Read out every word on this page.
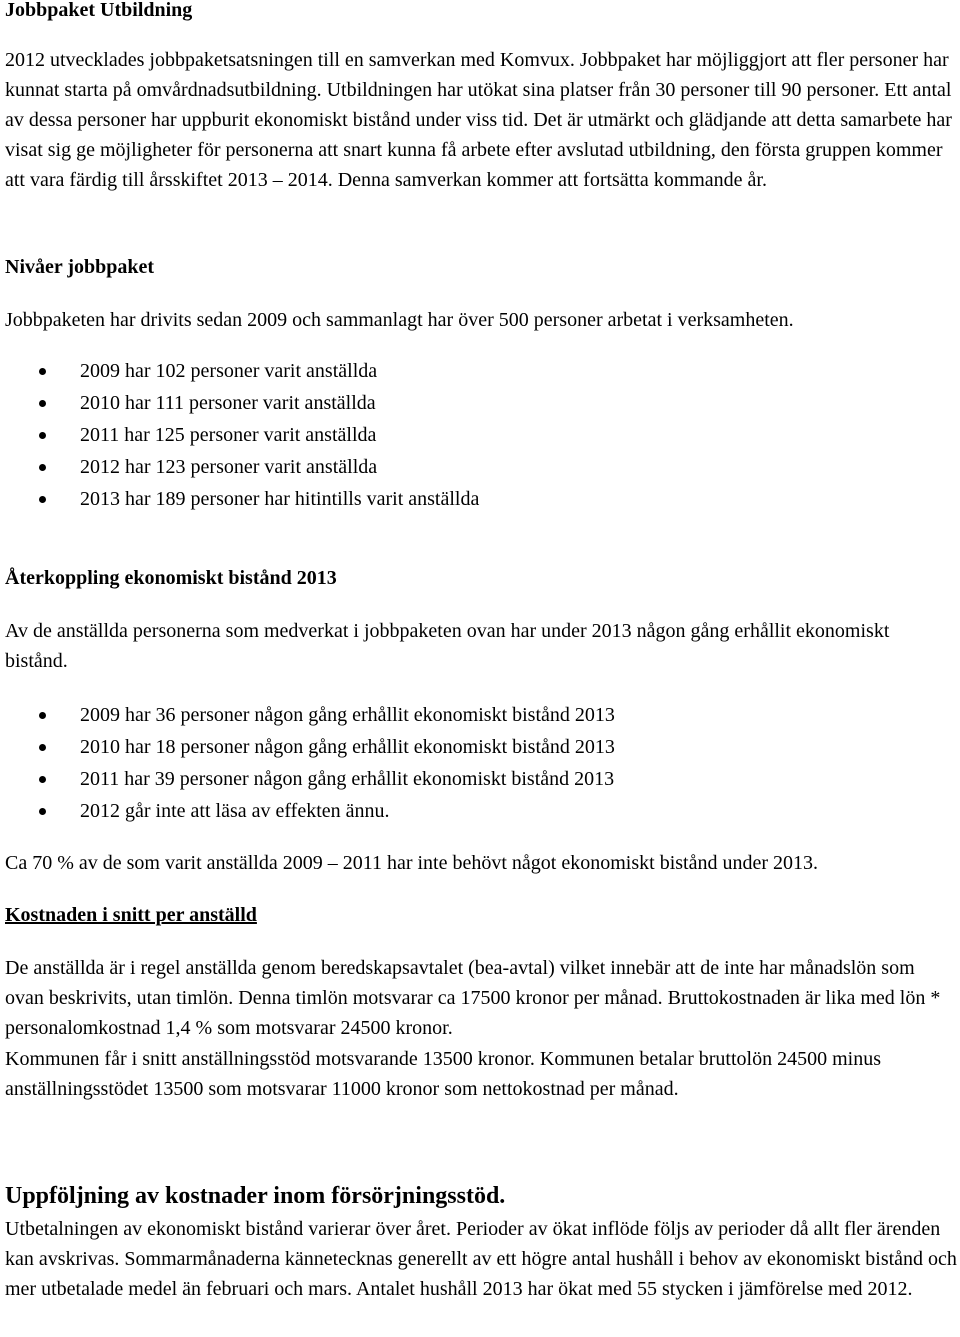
Jobbpaket Utbildning

2012 utvecklades jobbpaketsatsningen till en samverkan med Komvux. Jobbpaket har möjliggjort att fler personer har kunnat starta på omvårdnadsutbildning. Utbildningen har utökat sina platser från 30 personer till 90 personer. Ett antal av dessa personer har uppburit ekonomiskt bistånd under viss tid. Det är utmärkt och glädjande att detta samarbete har visat sig ge möjligheter för personerna att snart kunna få arbete efter avslutad utbildning, den första gruppen kommer att vara färdig till årsskiftet 2013 – 2014. Denna samverkan kommer att fortsätta kommande år.

Nivåer jobbpaket

Jobbpaketen har drivits sedan 2009 och sammanlagt har över 500 personer arbetat i verksamheten.

2009 har 102 personer varit anställda
2010 har 111 personer varit anställda
2011 har 125 personer varit anställda
2012 har 123 personer varit anställda
2013 har 189 personer har hitintills varit anställda
Återkoppling ekonomiskt bistånd 2013

Av de anställda personerna som medverkat i jobbpaketen ovan har under 2013 någon gång erhållit ekonomiskt bistånd.

2009 har 36 personer någon gång erhållit ekonomiskt bistånd 2013
2010 har 18 personer någon gång erhållit ekonomiskt bistånd 2013
2011 har 39 personer någon gång erhållit ekonomiskt bistånd 2013
2012 går inte att läsa av effekten ännu.

Ca 70 % av de som varit anställda 2009 – 2011 har inte behövt något ekonomiskt bistånd under 2013.

Kostnaden i snitt per anställd

De anställda är i regel anställda genom beredskapsavtalet (bea-avtal) vilket innebär att de inte har månadslön som ovan beskrivits, utan timlön. Denna timlön motsvarar ca 17500 kronor per månad. Bruttokostnaden är lika med lön * personalomkostnad 1,4 % som motsvarar 24500 kronor.

Kommunen får i snitt anställningsstöd motsvarande 13500 kronor. Kommunen betalar bruttolön 24500 minus anställningsstödet 13500 som motsvarar 11000 kronor som nettokostnad per månad.

Uppföljning av kostnader inom försörjningsstöd.

Utbetalningen av ekonomiskt bistånd varierar över året. Perioder av ökat inflöde följs av perioder då allt fler ärenden kan avskrivas. Sommarmånaderna kännetecknas generellt av ett högre antal hushåll i behov av ekonomiskt bistånd och mer utbetalade medel än februari och mars. Antalet hushåll 2013 har ökat med 55 stycken i jämförelse med 2012.
